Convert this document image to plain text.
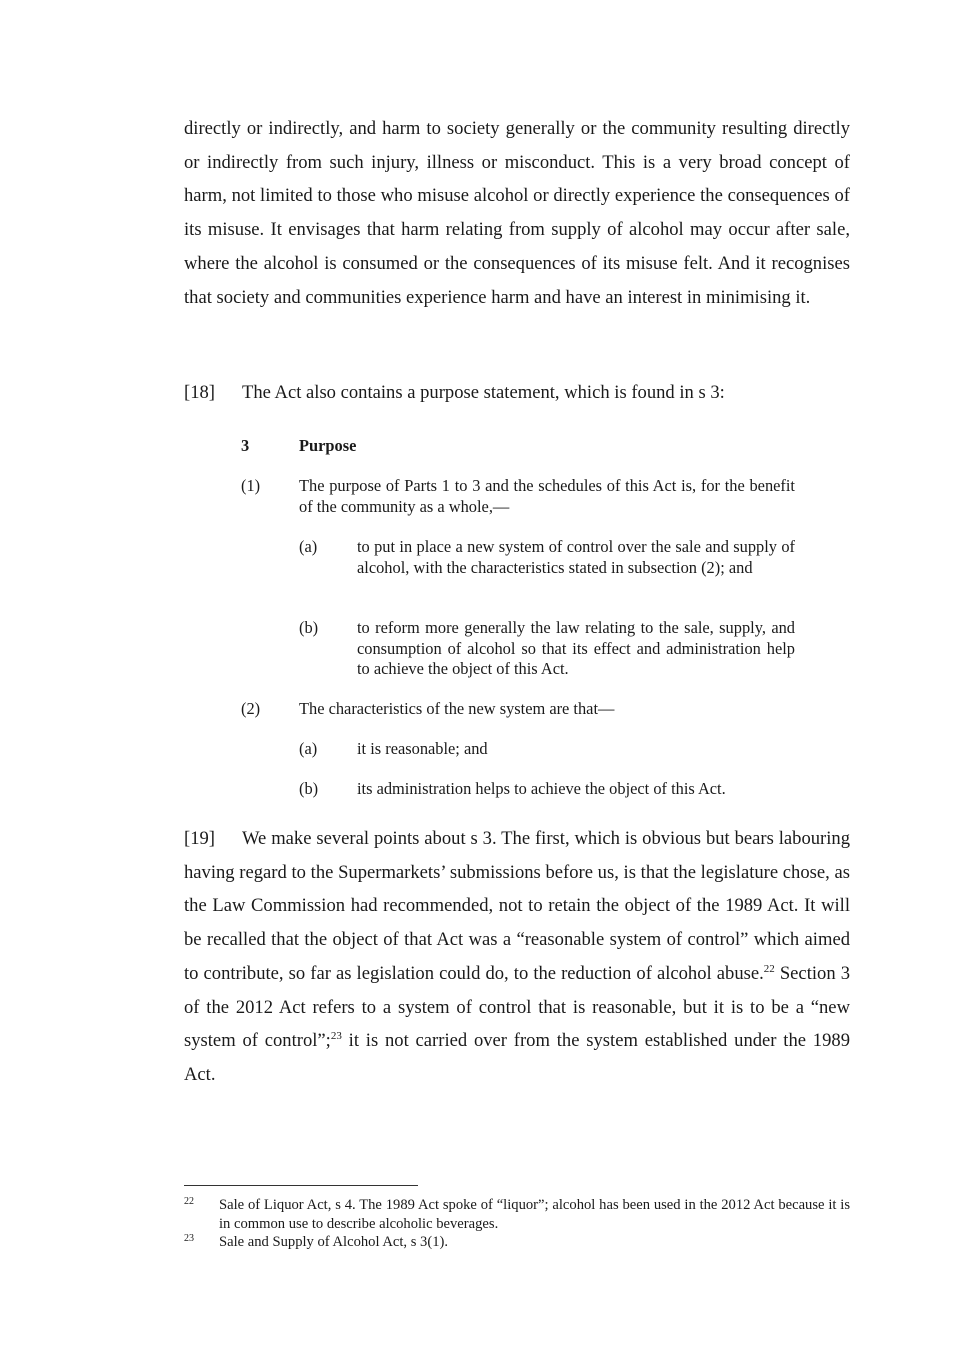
directly or indirectly, and harm to society generally or the community resulting directly or indirectly from such injury, illness or misconduct. This is a very broad concept of harm, not limited to those who misuse alcohol or directly experience the consequences of its misuse. It envisages that harm relating from supply of alcohol may occur after sale, where the alcohol is consumed or the consequences of its misuse felt. And it recognises that society and communities experience harm and have an interest in minimising it.

[18] The Act also contains a purpose statement, which is found in s 3:

3	Purpose
(1) The purpose of Parts 1 to 3 and the schedules of this Act is, for the benefit of the community as a whole,—
(a) to put in place a new system of control over the sale and supply of alcohol, with the characteristics stated in subsection (2); and
(b) to reform more generally the law relating to the sale, supply, and consumption of alcohol so that its effect and administration help to achieve the object of this Act.
(2) The characteristics of the new system are that—
(a) it is reasonable; and
(b) its administration helps to achieve the object of this Act.

[19] We make several points about s 3. The first, which is obvious but bears labouring having regard to the Supermarkets’ submissions before us, is that the legislature chose, as the Law Commission had recommended, not to retain the object of the 1989 Act. It will be recalled that the object of that Act was a “reasonable system of control” which aimed to contribute, so far as legislation could do, to the reduction of alcohol abuse.$^{22}$ Section 3 of the 2012 Act refers to a system of control that is reasonable, but it is to be a “new system of control”;$^{23}$ it is not carried over from the system established under the 1989 Act.

22 Sale of Liquor Act, s 4. The 1989 Act spoke of “liquor”; alcohol has been used in the 2012 Act because it is in common use to describe alcoholic beverages.
23 Sale and Supply of Alcohol Act, s 3(1).
